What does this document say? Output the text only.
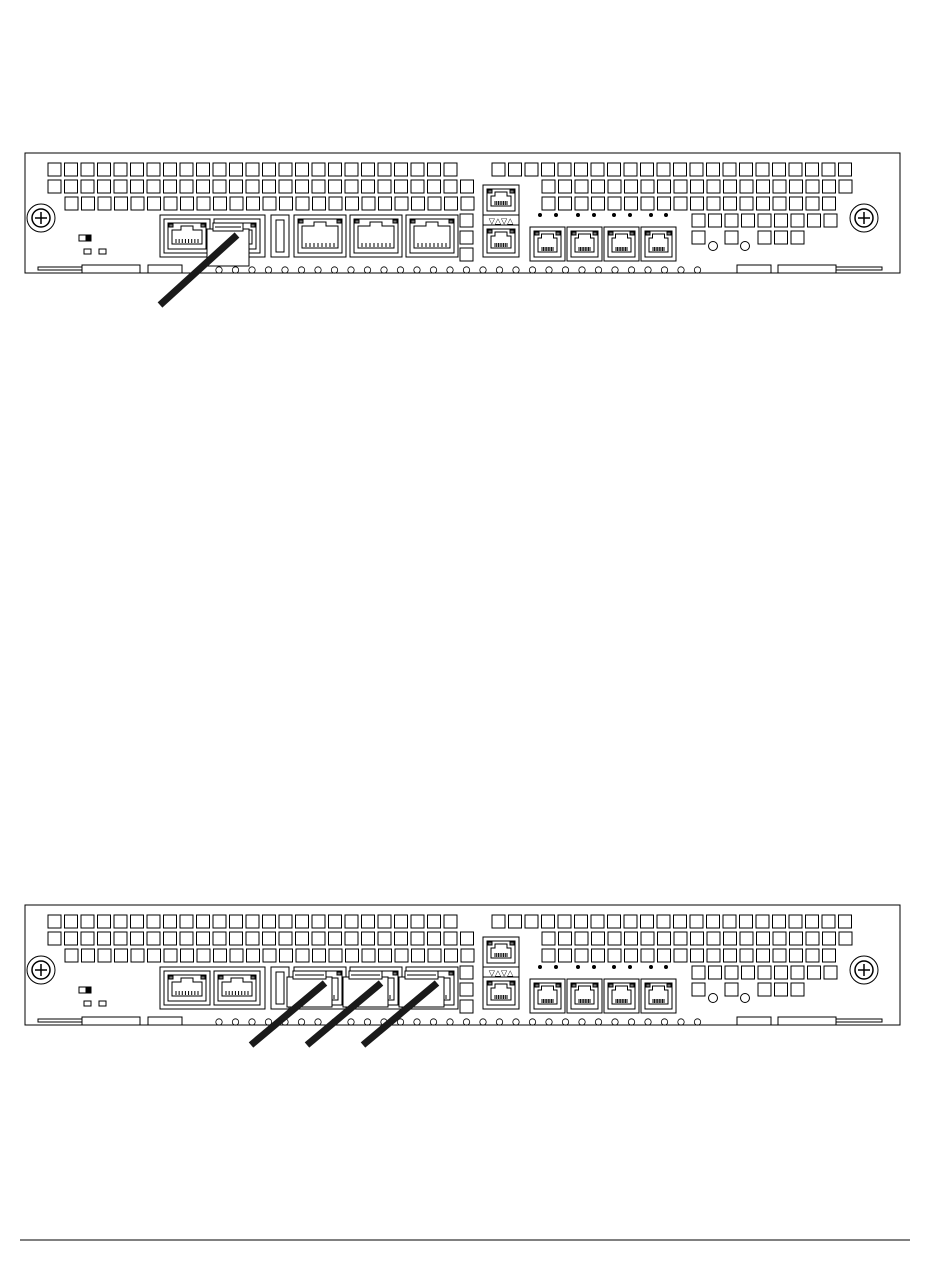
▽△▽△
▽△▽△
